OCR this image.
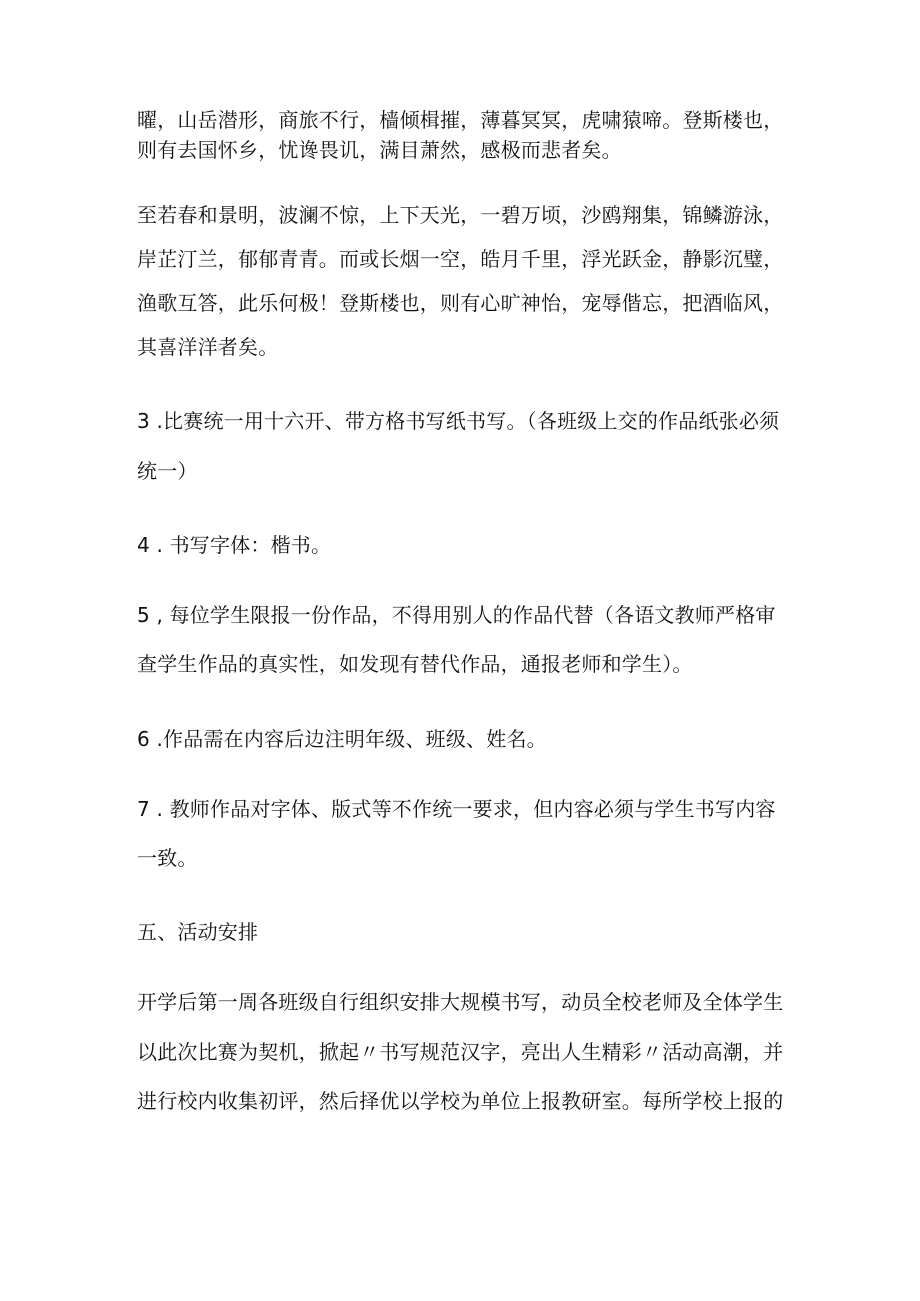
曜，山岳潜形，商旅不行，樯倾楫摧，薄暮冥冥，虎啸猿啼。登斯楼也，
则有去国怀乡，忧谗畏讥，满目萧然，感极而悲者矣。
至若春和景明，波澜不惊，上下天光，一碧万顷，沙鸥翔集，锦鳞游泳，
岸芷汀兰，郁郁青青。而或长烟一空，皓月千里，浮光跃金，静影沉璧，
渔歌互答，此乐何极！登斯楼也，则有心旷神怡，宠辱偕忘，把酒临风，
其喜洋洋者矣。
3 .比赛统一用十六开、带方格书写纸书写。（各班级上交的作品纸张必须
统一）
4 . 书写字体：楷书。
5 , 每位学生限报一份作品，不得用别人的作品代替（各语文教师严格审
查学生作品的真实性，如发现有替代作品，通报老师和学生）。
6 .作品需在内容后边注明年级、班级、姓名。
7 . 教师作品对字体、版式等不作统一要求，但内容必须与学生书写内容
一致。
五、活动安排
开学后第一周各班级自行组织安排大规模书写，动员全校老师及全体学生
以此次比赛为契机，掀起〃书写规范汉字，亮出人生精彩〃活动高潮，并
进行校内收集初评，然后择优以学校为单位上报教研室。每所学校上报的
